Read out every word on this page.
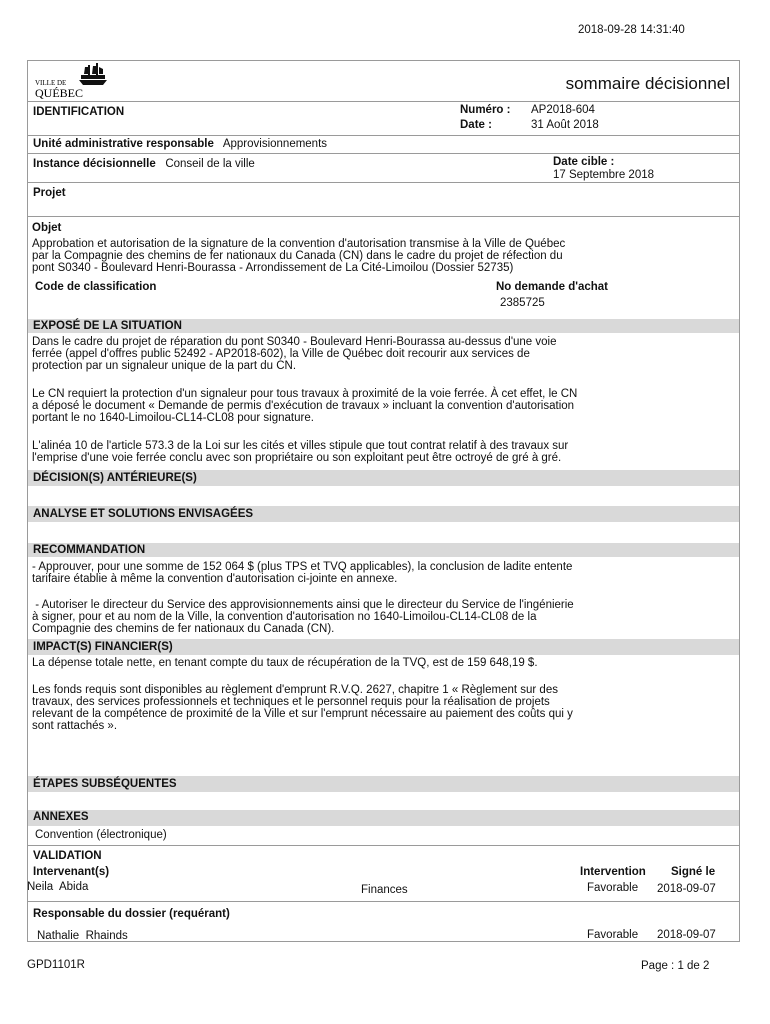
2018-09-28 14:31:40
VILLE DE
QUÉBEC	sommaire décisionnel
IDENTIFICATION	Numéro : AP2018-604
Date :	31 Août 2018
Unité administrative responsable Approvisionnements
Instance décisionnelle Conseil de la ville	Date cible :
17 Septembre 2018
Projet
Objet
Approbation et autorisation de la signature de la convention d'autorisation transmise à la Ville de Québec
par la Compagnie des chemins de fer nationaux du Canada (CN) dans le cadre du projet de réfection du
pont S0340 - Boulevard Henri-Bourassa - Arrondissement de La Cité-Limoilou (Dossier 52735)
Code de classification	No demande d'achat
2385725
EXPOSÉ DE LA SITUATION
Dans le cadre du projet de réparation du pont S0340 - Boulevard Henri-Bourassa au-dessus d'une voie
ferrée (appel d'offres public 52492 - AP2018-602), la Ville de Québec doit recourir aux services de
protection par un signaleur unique de la part du CN.
Le CN requiert la protection d'un signaleur pour tous travaux à proximité de la voie ferrée. À cet effet, le CN
a déposé le document « Demande de permis d'exécution de travaux » incluant la convention d'autorisation
portant le no 1640-Limoilou-CL14-CL08 pour signature.
L'alinéa 10 de l'article 573.3 de la Loi sur les cités et villes stipule que tout contrat relatif à des travaux sur
l'emprise d'une voie ferrée conclu avec son propriétaire ou son exploitant peut être octroyé de gré à gré.
DÉCISION(S) ANTÉRIEURE(S)
ANALYSE ET SOLUTIONS ENVISAGÉES
RECOMMANDATION
- Approuver, pour une somme de 152 064 $ (plus TPS et TVQ applicables), la conclusion de ladite entente
tarifaire établie à même la convention d'autorisation ci-jointe en annexe.
- Autoriser le directeur du Service des approvisionnements ainsi que le directeur du Service de l'ingénierie
à signer, pour et au nom de la Ville, la convention d'autorisation no 1640-Limoilou-CL14-CL08 de la
Compagnie des chemins de fer nationaux du Canada (CN).
IMPACT(S) FINANCIER(S)
La dépense totale nette, en tenant compte du taux de récupération de la TVQ, est de 159 648,19 $.
Les fonds requis sont disponibles au règlement d'emprunt R.V.Q. 2627, chapitre 1 « Règlement sur des
travaux, des services professionnels et techniques et le personnel requis pour la réalisation de projets
relevant de la compétence de proximité de la Ville et sur l'emprunt nécessaire au paiement des coûts qui y
sont rattachés ».
ÉTAPES SUBSÉQUENTES
ANNEXES
Convention (électronique)
VALIDATION
Intervenant(s)	Intervention Signé le
Neila  Abida	Finances	Favorable 2018-09-07
Responsable du dossier (requérant)
Nathalie  Rhainds	Favorable 2018-09-07
GPD1101R	Page : 1 de 2
